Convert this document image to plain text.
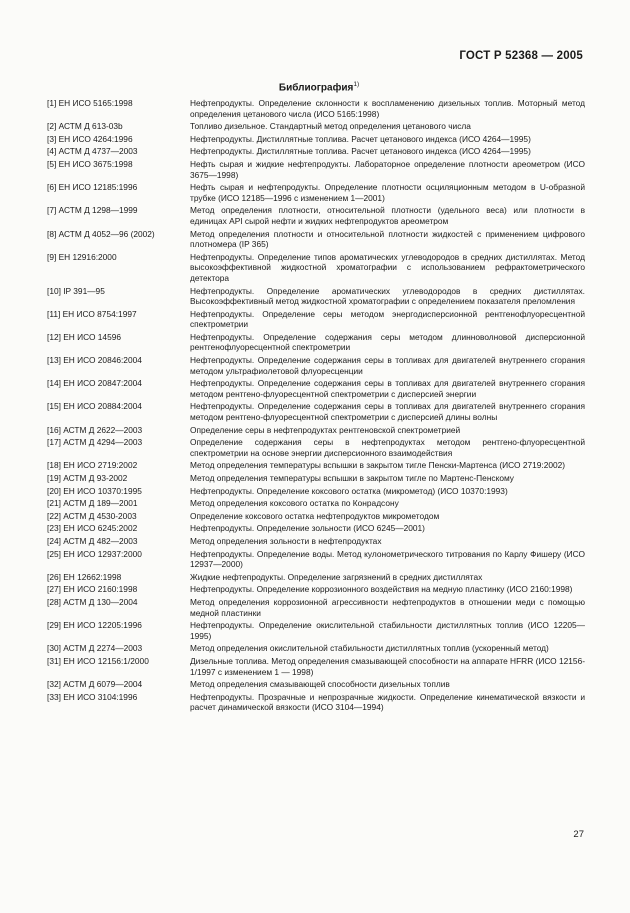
ГОСТ Р 52368 — 2005
Библиография$^{1)}$
[1] ЕН ИСО 5165:1998	Нефтепродукты. Определение склонности к воспламенению дизельных топлив. Моторный метод определения цетанового числа (ИСО 5165:1998)
[2] АСТМ Д 613-03b	Топливо дизельное. Стандартный метод определения цетанового числа
[3] ЕН ИСО 4264:1996	Нефтепродукты. Дистиллятные топлива. Расчет цетанового индекса (ИСО 4264—1995)
[4] АСТМ Д 4737—2003	Нефтепродукты. Дистиллятные топлива. Расчет цетанового индекса (ИСО 4264—1995)
[5] ЕН ИСО 3675:1998	Нефть сырая и жидкие нефтепродукты. Лабораторное определение плотности ареометром (ИСО 3675—1998)
[6] ЕН ИСО 12185:1996	Нефть сырая и нефтепродукты. Определение плотности осциляционным методом в U-образной трубке (ИСО 12185—1996 с изменением 1—2001)
[7] АСТМ Д 1298—1999	Метод определения плотности, относительной плотности (удельного веса) или плотности в единицах API сырой нефти и жидких нефтепродуктов ареометром
[8] АСТМ Д 4052—96 (2002)	Метод определения плотности и относительной плотности жидкостей с применением цифрового плотномера (IP 365)
[9] ЕН 12916:2000	Нефтепродукты. Определение типов ароматических углеводородов в средних дистиллятах. Метод высокоэффективной жидкостной хроматографии с использованием рефрактометрического детектора
[10] IP 391—95	Нефтепродукты. Определение ароматических углеводородов в средних дистиллятах. Высокоэффективный метод жидкостной хроматографии с определением показателя преломления
[11] ЕН ИСО 8754:1997	Нефтепродукты. Определение серы методом энергодисперсионной рентгенофлуоресцентной спектрометрии
[12] ЕН ИСО 14596	Нефтепродукты. Определение содержания серы методом длинноволновой дисперсионной рентгенофлуоресцентной спектрометрии
[13] ЕН ИСО 20846:2004	Нефтепродукты. Определение содержания серы в топливах для двигателей внутреннего сгорания методом ультрафиолетовой флуоресценции
[14] ЕН ИСО 20847:2004	Нефтепродукты. Определение содержания серы в топливах для двигателей внутреннего сгорания методом рентгено-флуоресцентной спектрометрии с дисперсией энергии
[15] ЕН ИСО 20884:2004	Нефтепродукты. Определение содержания серы в топливах для двигателей внутреннего сгорания методом рентгено-флуоресцентной спектрометрии с дисперсией длины волны
[16] АСТМ Д 2622—2003	Определение серы в нефтепродуктах рентгеновской спектрометрией
[17] АСТМ Д 4294—2003	Определение содержания серы в нефтепродуктах методом рентгено-флуоресцентной спектрометрии на основе энергии дисперсионного взаимодействия
[18] ЕН ИСО 2719:2002	Метод определения температуры вспышки в закрытом тигле Пенски-Мартенса (ИСО 2719:2002)
[19] АСТМ Д 93-2002	Метод определения температуры вспышки в закрытом тигле по Мартенс-Пенскому
[20] ЕН ИСО 10370:1995	Нефтепродукты. Определение коксового остатка (микрометод) (ИСО 10370:1993)
[21] АСТМ Д 189—2001	Метод определения коксового остатка по Конрадсону
[22] АСТМ Д 4530-2003	Определение коксового остатка нефтепродуктов микрометодом
[23] ЕН ИСО 6245:2002	Нефтепродукты. Определение зольности (ИСО 6245—2001)
[24] АСТМ Д 482—2003	Метод определения зольности в нефтепродуктах
[25] ЕН ИСО 12937:2000	Нефтепродукты. Определение воды. Метод кулонометрического титрования по Карлу Фишеру (ИСО 12937—2000)
[26] ЕН 12662:1998	Жидкие нефтепродукты. Определение загрязнений в средних дистиллятах
[27] ЕН ИСО 2160:1998	Нефтепродукты. Определение коррозионного воздействия на медную пластинку (ИСО 2160:1998)
[28] АСТМ Д 130—2004	Метод определения коррозионной агрессивности нефтепродуктов в отношении меди с помощью медной пластинки
[29] ЕН ИСО 12205:1996	Нефтепродукты. Определение окислительной стабильности дистиллятных топлив (ИСО 12205—1995)
[30] АСТМ Д 2274—2003	Метод определения окислительной стабильности дистиллятных топлив (ускоренный метод)
[31] ЕН ИСО 12156:1/2000	Дизельные топлива. Метод определения смазывающей способности на аппарате HFRR (ИСО 12156-1/1997 с изменением 1 — 1998)
[32] АСТМ Д 6079—2004	Метод определения смазывающей способности дизельных топлив
[33] ЕН ИСО 3104:1996	Нефтепродукты. Прозрачные и непрозрачные жидкости. Определение кинематической вязкости и расчет динамической вязкости (ИСО 3104—1994)
27
